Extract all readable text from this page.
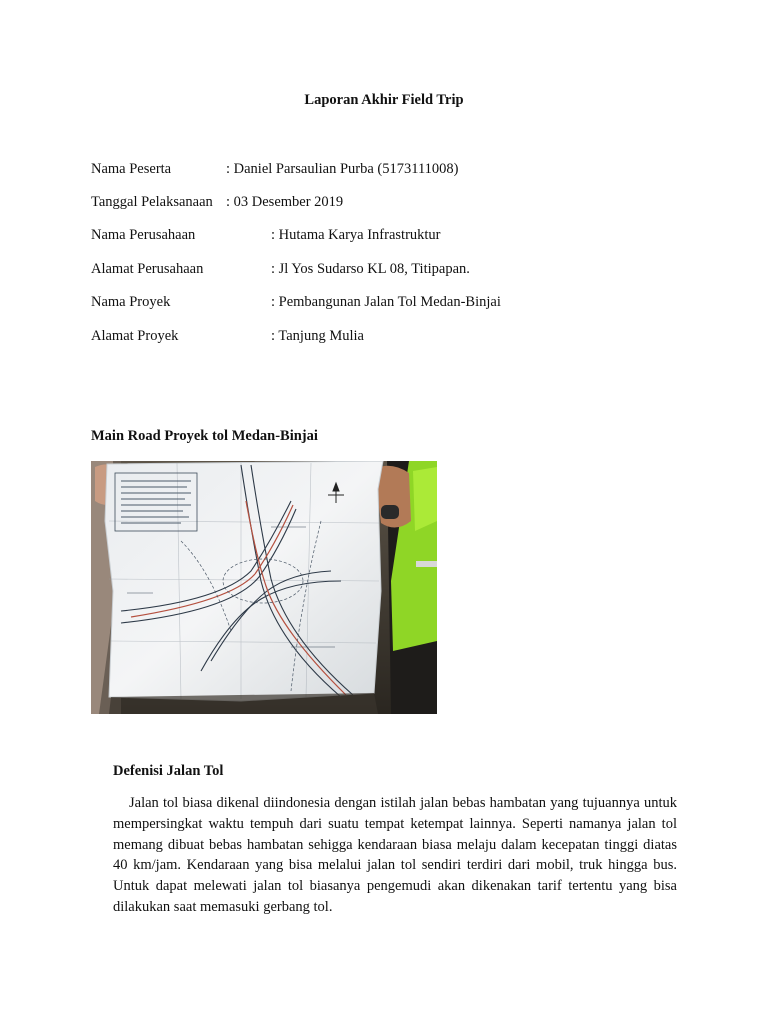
Laporan Akhir Field Trip
Nama Peserta	: Daniel Parsaulian Purba (5173111008)
Tanggal Pelaksanaan : 03 Desember 2019
Nama Perusahaan	: Hutama Karya Infrastruktur
Alamat Perusahaan	: Jl Yos Sudarso KL 08, Titipapan.
Nama Proyek	: Pembangunan Jalan Tol Medan-Binjai
Alamat Proyek	: Tanjung Mulia
Main Road Proyek tol Medan-Binjai
Defenisi Jalan Tol

Jalan tol biasa dikenal diindonesia dengan istilah jalan bebas hambatan yang tujuannya untuk mempersingkat waktu tempuh dari suatu tempat ketempat lainnya. Seperti namanya jalan tol memang dibuat bebas hambatan sehigga kendaraan biasa melaju dalam kecepatan tinggi diatas 40 km/jam. Kendaraan yang bisa melalui jalan tol sendiri terdiri dari mobil, truk hingga bus. Untuk dapat melewati jalan tol biasanya pengemudi akan dikenakan tarif tertentu yang bisa dilakukan saat memasuki gerbang tol.
